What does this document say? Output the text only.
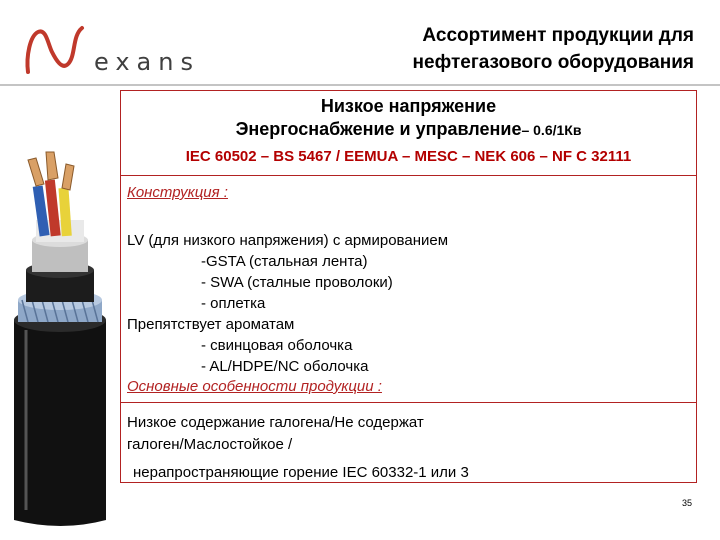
exans
Ассортимент продукции для
нефтегазового оборудования
Низкое напряжение
Энергоснабжение и управление– 0.6/1Кв
IEC 60502 – BS 5467 / EEMUA – MESC – NEK 606 – NF C 32111
Конструкция :
LV (для низкого напряжения) с армированием
-GSTA (стальная лента)
- SWA (сталные проволоки)
- оплетка
Препятствует ароматам
- свинцовая оболочка
- AL/HDPE/NC оболочка
Основные особенности продукции :
Низкое содержание галогена/Не содержат
галоген/Маслостойкое /
нерапространяющие горение IEC 60332-1 или 3
35
